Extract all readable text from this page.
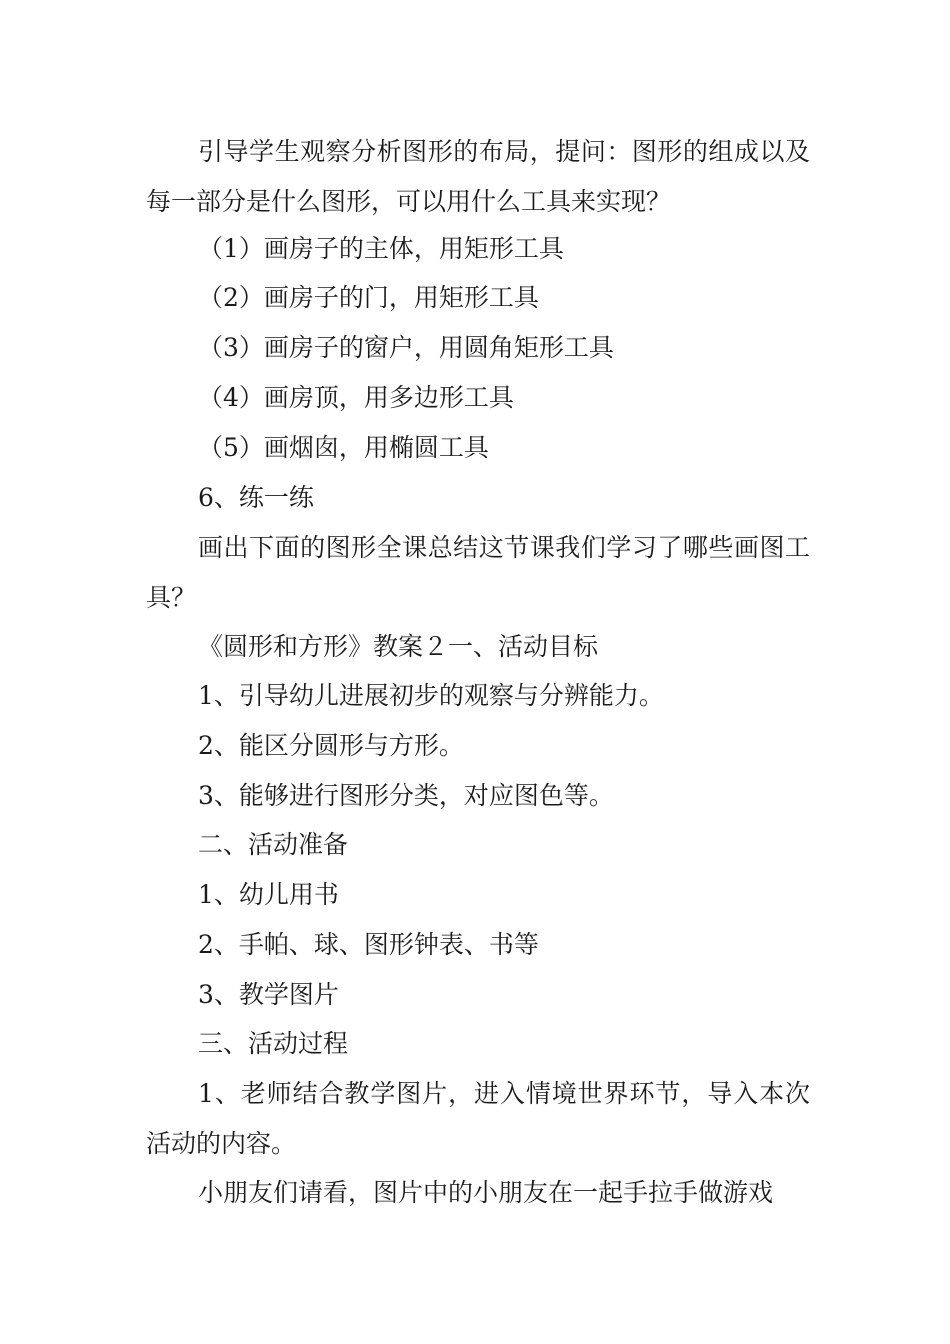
引导学生观察分析图形的布局，提问：图形的组成以及每一部分是什么图形，可以用什么工具来实现？

（1）画房子的主体，用矩形工具

（2）画房子的门，用矩形工具

（3）画房子的窗户，用圆角矩形工具

（4）画房顶，用多边形工具

（5）画烟囱，用椭圆工具

6、练一练

画出下面的图形全课总结这节课我们学习了哪些画图工具？

《圆形和方形》教案２一、活动目标

1、引导幼儿进展初步的观察与分辨能力。

2、能区分圆形与方形。

3、能够进行图形分类，对应图色等。

二、活动准备

1、幼儿用书

2、手帕、球、图形钟表、书等

3、教学图片

三、活动过程

1、老师结合教学图片，进入情境世界环节，导入本次活动的内容。

小朋友们请看，图片中的小朋友在一起手拉手做游戏
